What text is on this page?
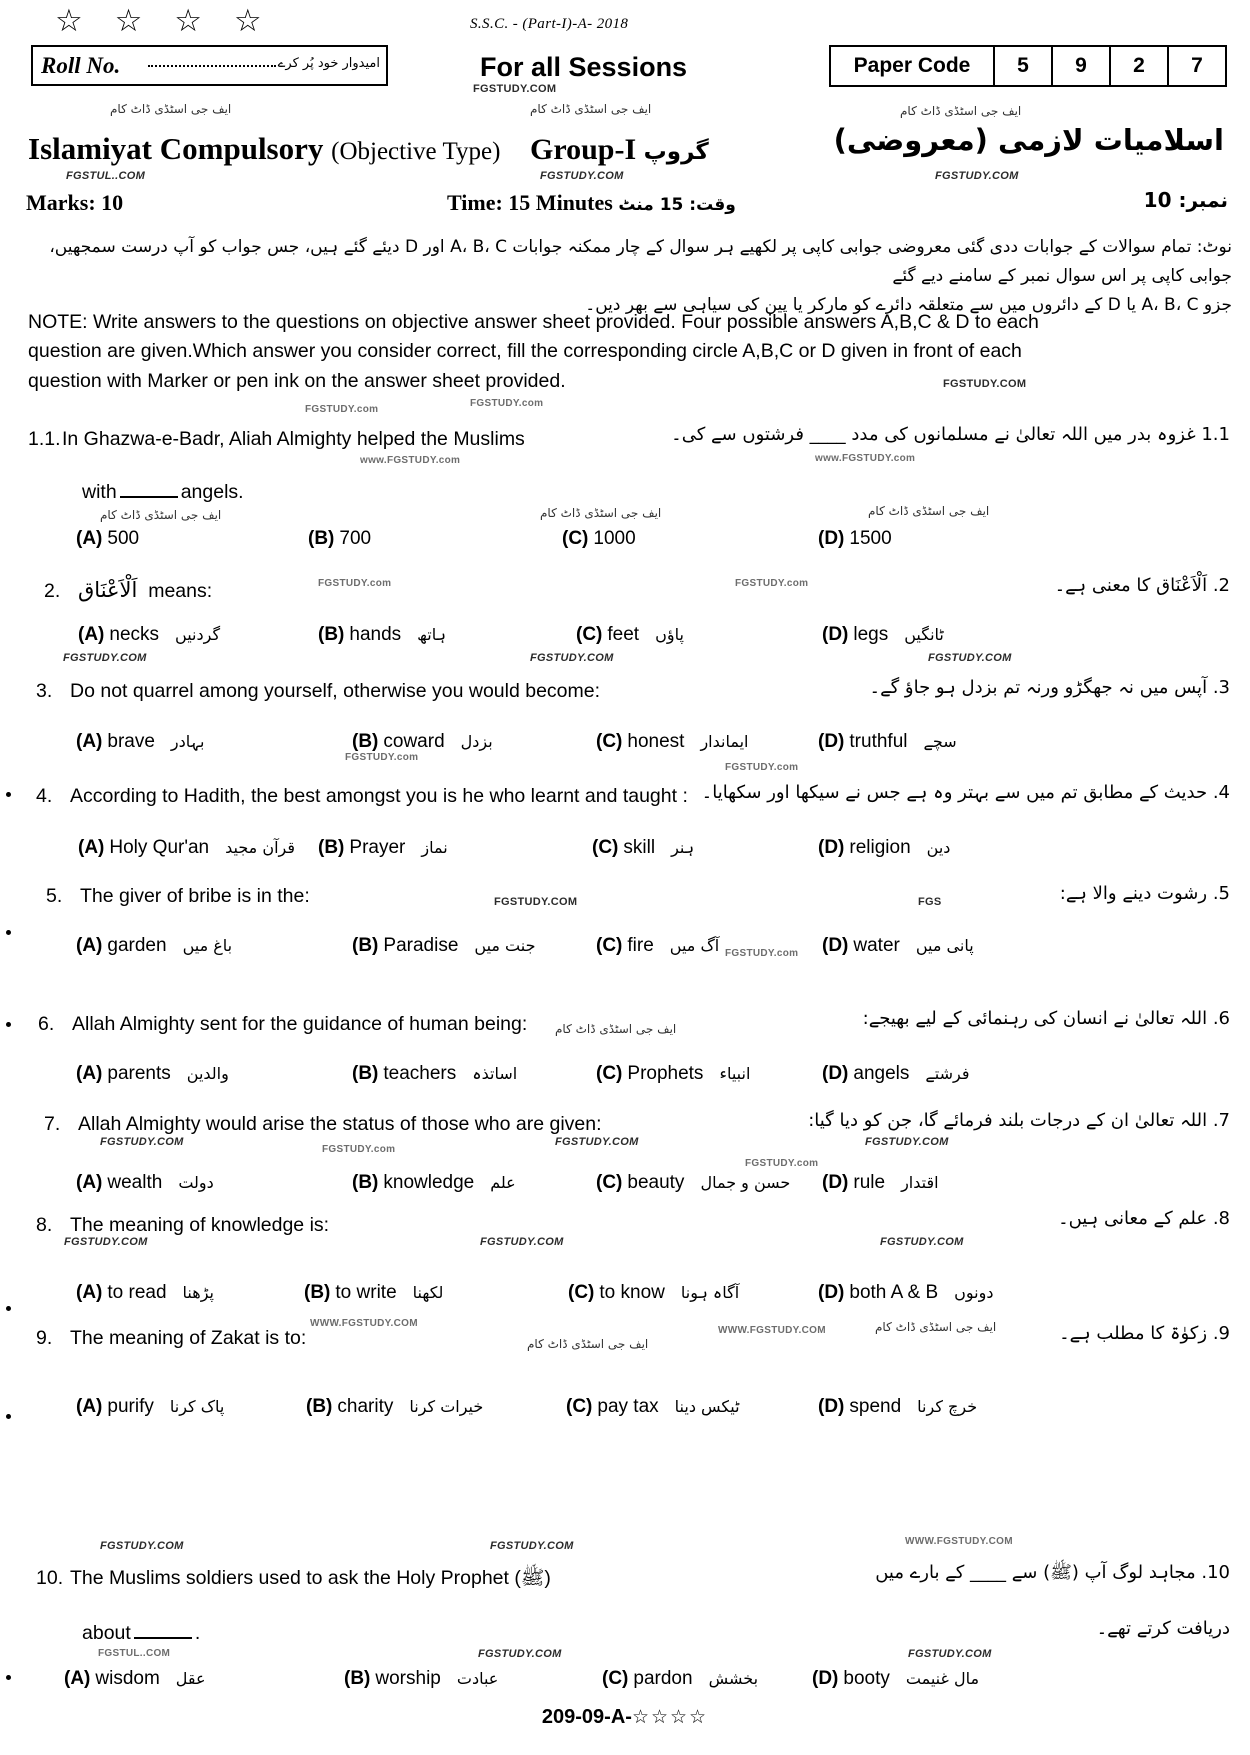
☆ ☆ ☆ ☆
Roll No.	امیدوار خود پُر کرے
S.S.C. - (Part-I)-A- 2018
For all Sessions	Paper Code	5	9	2	7
Islamiyat Compulsory (Objective Type) Group-I گروپ	اسلامیات لازمی (معروضی)
Marks: 10	Time: 15 Minutes وقت: 15 منٹ	نمبر: 10
نوٹ: تمام سوالات کے جوابات ددی گئی معروضی جوابی کاپی پر لکھیے ہر سوال کے چار ممکنہ جوابات A، B، C اور D دیئے گئے ہیں، جس جواب کو آپ درست سمجھیں، جوابی کاپی پر اس سوال نمبر کے سامنے دیے گئے
جزو A، B، C یا D کے دائروں میں سے متعلقہ دائرے کو مارکر یا پین کی سیاہی سے بھر دیں۔
NOTE: Write answers to the questions on objective answer sheet provided. Four possible answers A,B,C & D to each question are given.Which answer you consider correct, fill the corresponding circle A,B,C or D given in front of each question with Marker or pen ink on the answer sheet provided.
1.1.In Ghazwa-e-Badr, Aliah Almighty helped the Muslims	1.1 غزوہ بدر میں اللہ تعالیٰ نے مسلمانوں کی مدد ____ فرشتوں سے کی۔
with	angels.
(A) 500	(B) 700	(C) 1000	(D) 1500
2. اَلْاَعْنَاق means:	2. اَلْاَعْنَاق کا معنی ہے۔
(A) necks گردنیں	(B) hands ہاتھ	(C) feet پاؤں	(D) legs ٹانگیں
3. Do not quarrel among yourself, otherwise you would become:	3. آپس میں نہ جھگڑو ورنہ تم بزدل ہو جاؤ گے۔
(A) brave بہادر	(B) coward بزدل	(C) honest ایماندار	(D) truthful سچے
4. According to Hadith, the best amongst you is he who learnt and taught :	4. حدیث کے مطابق تم میں سے بہتر وہ ہے جس نے سیکھا اور سکھایا۔
(A) Holy Qur'an قرآن مجید (B) Prayer نماز	(C) skill ہنر	(D) religion دین
5. The giver of bribe is in the:	5. رشوت دینے والا ہے:
(A) garden باغ میں	(B) Paradise جنت میں	(C) fire آگ میں	(D) water پانی میں
6. Allah Almighty sent for the guidance of human being:	6. اللہ تعالیٰ نے انسان کی رہنمائی کے لیے بھیجے:
(A) parents والدین	(B) teachers اساتذہ	(C) Prophets انبیاء	(D) angels فرشتے
7. Allah Almighty would arise the status of those who are given:	7. اللہ تعالیٰ ان کے درجات بلند فرمائے گا، جن کو دیا گیا:
(A) wealth دولت	(B) knowledge علم	(C) beauty حسن و جمال (D) rule اقتدار
8. The meaning of knowledge is:	8. علم کے معانی ہیں۔
(A) to read پڑھنا	(B) to write لکھنا	(C) to know آگاہ ہونا	(D) both A & B دونوں
9. The meaning of Zakat is to:	9. زکوٰۃ کا مطلب ہے۔
(A) purify پاک کرنا	(B) charity خیرات کرنا	(C) pay tax ٹیکس دینا	(D) spend خرچ کرنا
10. The Muslims soldiers used to ask the Holy Prophet (ﷺ)	10. مجاہد لوگ آپ (ﷺ) سے ____ کے بارے میں
about	.	دریافت کرتے تھے۔
(A) wisdom عقل	(B) worship عبادت	(C) pardon بخشش	(D) booty مال غنیمت
209-09-A-☆☆☆☆
FGSTUDY.COM
FGSTUL..COM	FGSTUDY.COM	FGSTUDY.COM
FGSTUDY.COM
ایف جی اسٹڈی ڈاٹ کام	ایف جی اسٹڈی ڈاٹ کام	ایف جی اسٹڈی ڈاٹ کام
FGSTUDY.com
FGSTUDY.com
www.FGSTUDY.com	www.FGSTUDY.com
ایف جی اسٹڈی ڈاٹ کام	ایف جی اسٹڈی ڈاٹ کام	ایف جی اسٹڈی ڈاٹ کام
FGSTUDY.com	FGSTUDY.com
FGSTUDY.COM	FGSTUDY.COM	FGSTUDY.COM
FGSTUDY.com
FGSTUDY.com
FGSTUDY.COM	FGS
FGSTUDY.com
ایف جی اسٹڈی ڈاٹ کام
FGSTUDY.COM
FGSTUDY.com
FGSTUDY.COM
FGSTUDY.com
FGSTUDY.COM
FGSTUDY.COM	FGSTUDY.COM	FGSTUDY.COM
WWW.FGSTUDY.COM
WWW.FGSTUDY.COM
ایف جی اسٹڈی ڈاٹ کام
ایف جی اسٹڈی ڈاٹ کام
FGSTUDY.COM	FGSTUDY.COM	WWW.FGSTUDY.COM
FGSTUL..COM	FGSTUDY.COM	FGSTUDY.COM
